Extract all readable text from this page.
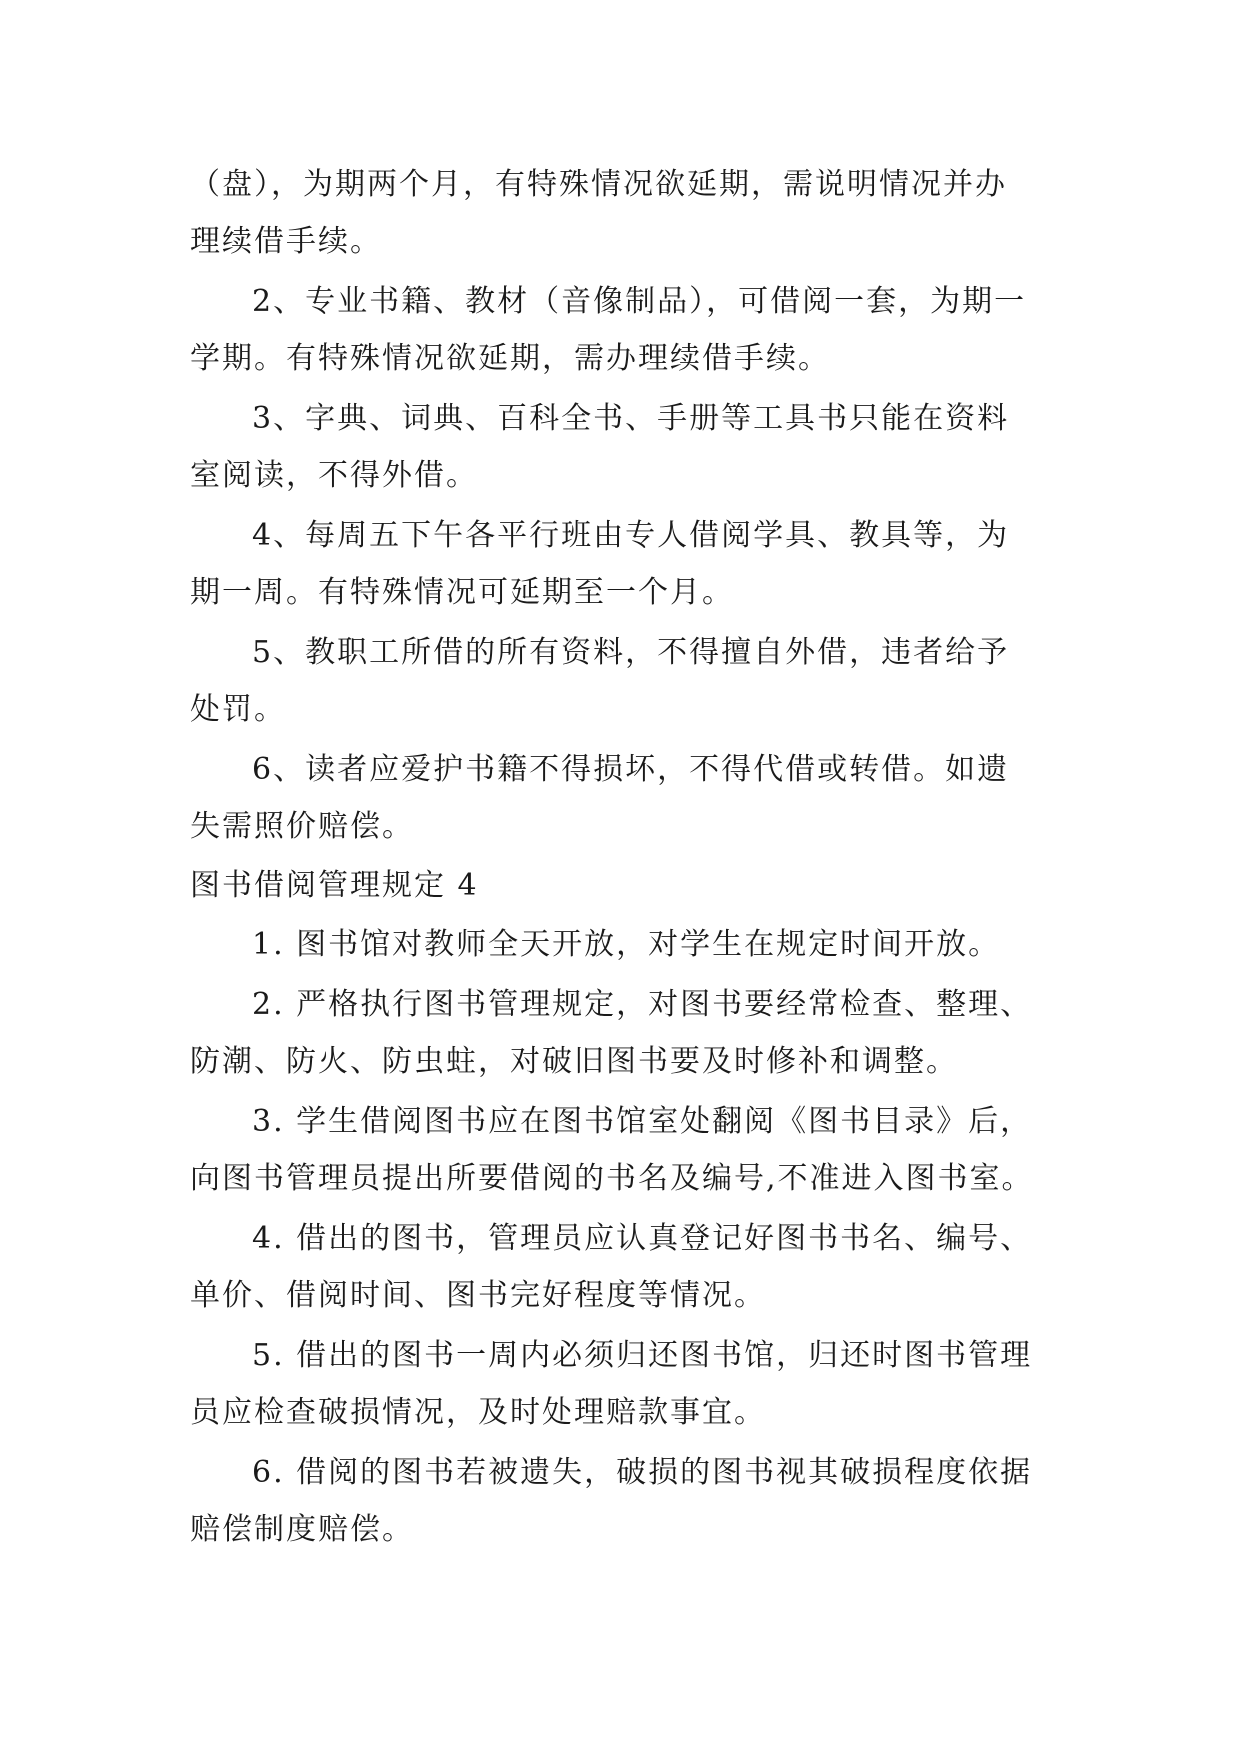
（盘），为期两个月，有特殊情况欲延期，需说明情况并办
理续借手续。
2、专业书籍、教材（音像制品），可借阅一套，为期一
学期。有特殊情况欲延期，需办理续借手续。
3、字典、词典、百科全书、手册等工具书只能在资料
室阅读，不得外借。
4、每周五下午各平行班由专人借阅学具、教具等，为
期一周。有特殊情况可延期至一个月。
5、教职工所借的所有资料，不得擅自外借，违者给予
处罚。
6、读者应爱护书籍不得损坏，不得代借或转借。如遗
失需照价赔偿。
图书借阅管理规定 4
1. 图书馆对教师全天开放，对学生在规定时间开放。
2. 严格执行图书管理规定，对图书要经常检查、整理、
防潮、防火、防虫蛀，对破旧图书要及时修补和调整。
3. 学生借阅图书应在图书馆室处翻阅《图书目录》后，
向图书管理员提出所要借阅的书名及编号,不准进入图书室。
4. 借出的图书，管理员应认真登记好图书书名、编号、
单价、借阅时间、图书完好程度等情况。
5. 借出的图书一周内必须归还图书馆，归还时图书管理
员应检查破损情况，及时处理赔款事宜。
6. 借阅的图书若被遗失，破损的图书视其破损程度依据
赔偿制度赔偿。
